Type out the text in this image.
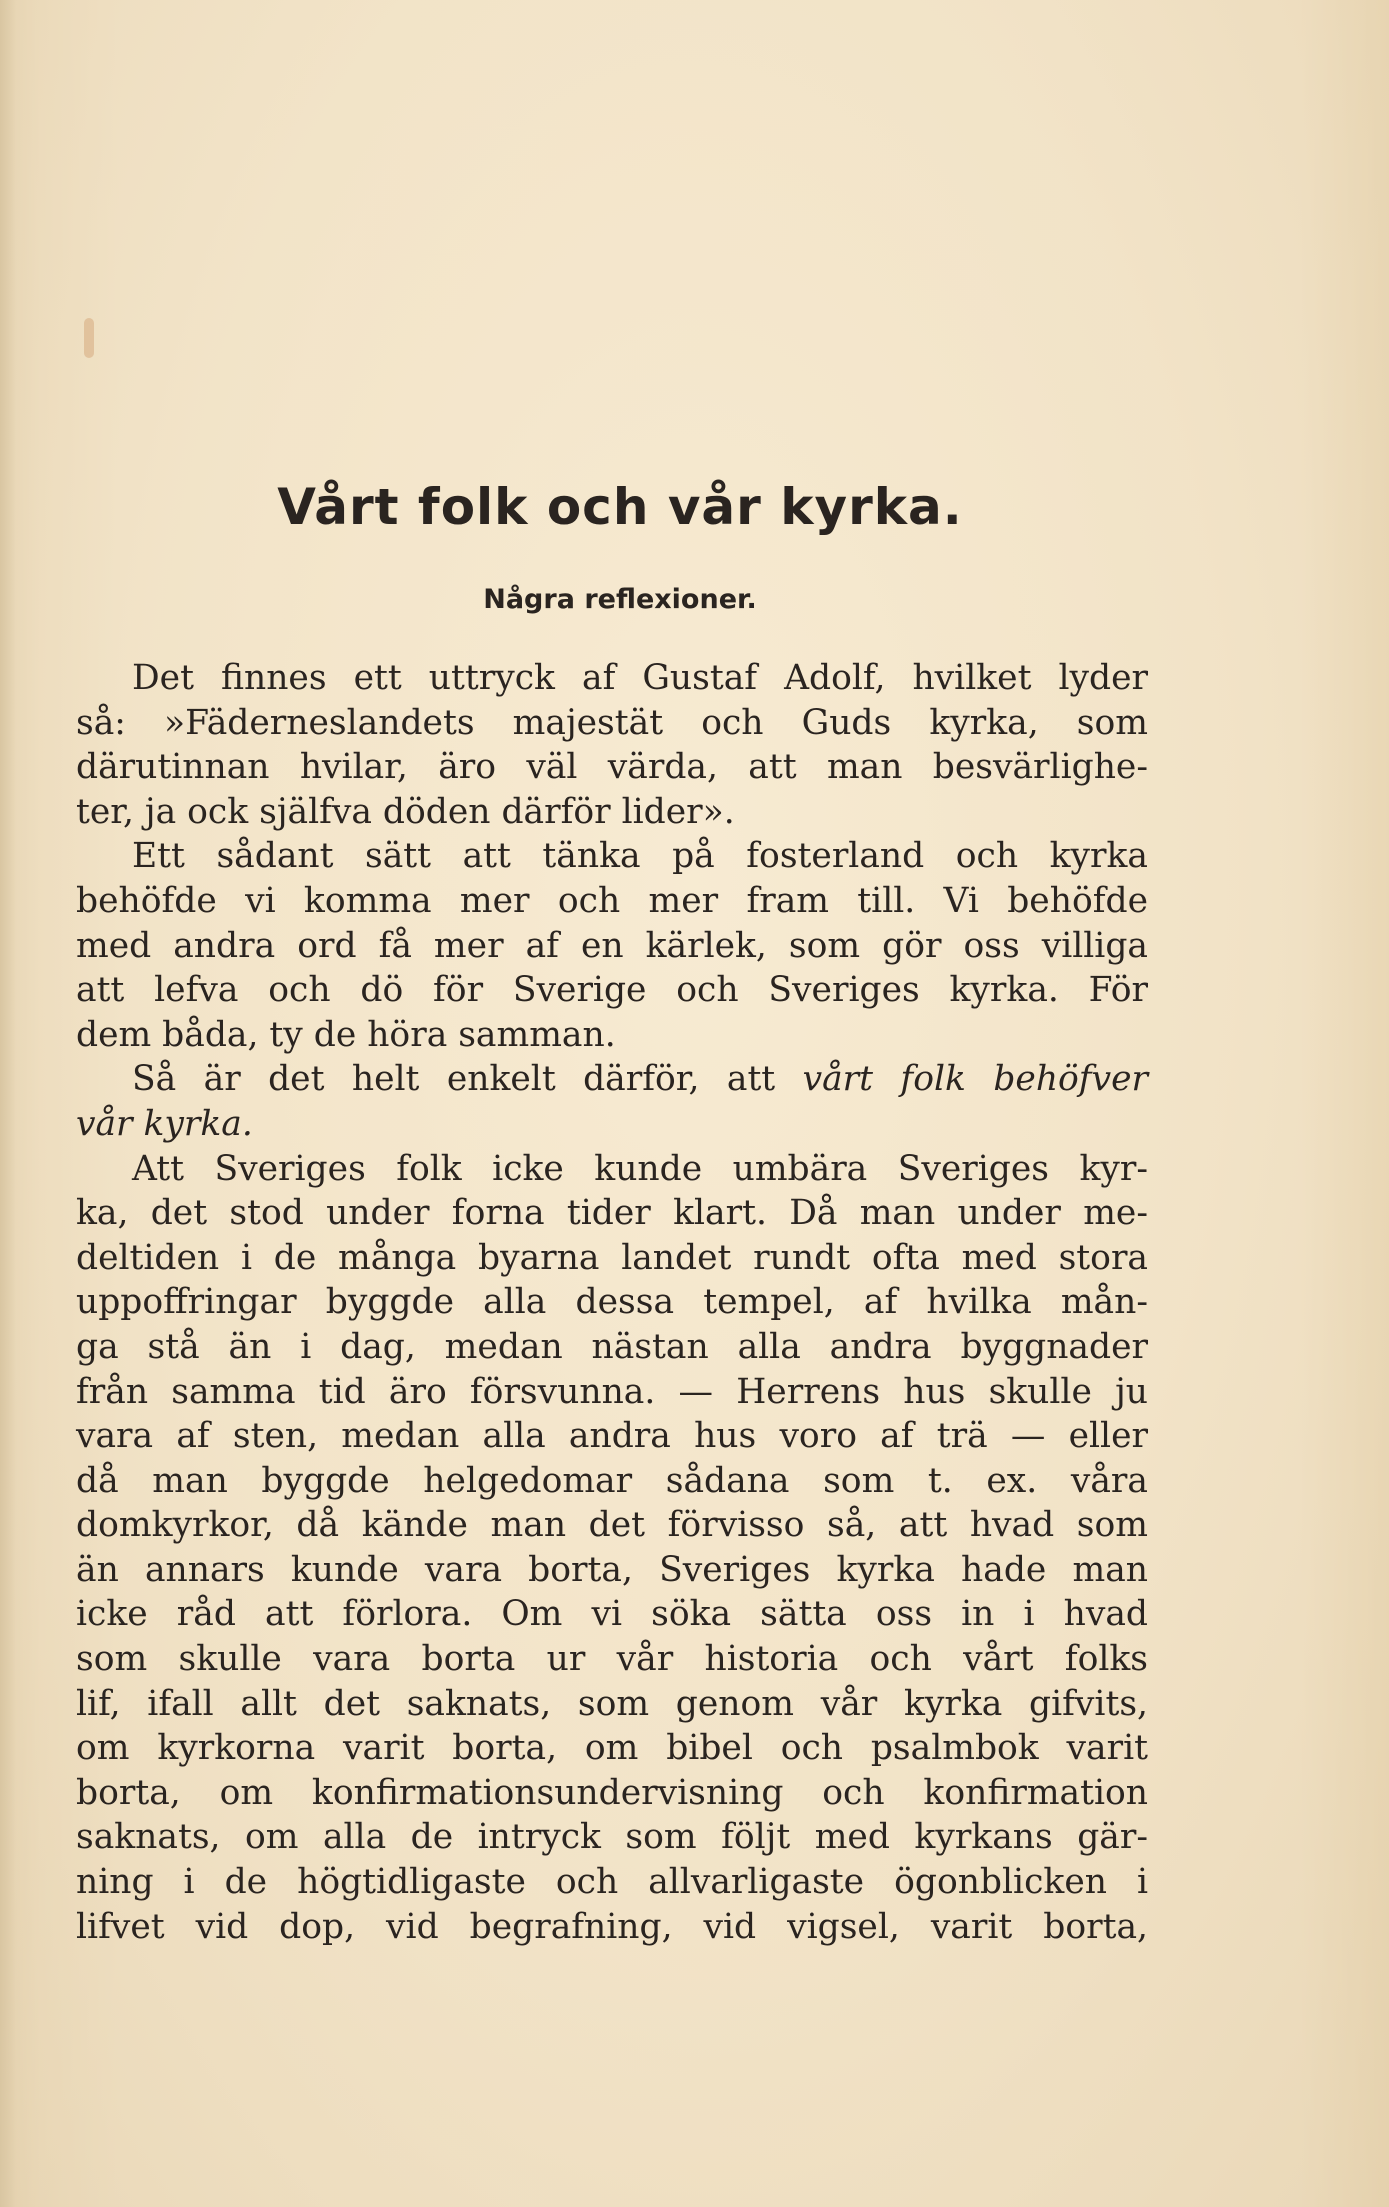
Vårt folk och vår kyrka.
Några reflexioner.
Det finnes ett uttryck af Gustaf Adolf, hvilket lyder
så: »Fäderneslandets majestät och Guds kyrka, som
därutinnan hvilar, äro väl värda, att man besvärlighe-
ter, ja ock själfva döden därför lider».
Ett sådant sätt att tänka på fosterland och kyrka
behöfde vi komma mer och mer fram till. Vi behöfde
med andra ord få mer af en kärlek, som gör oss villiga
att lefva och dö för Sverige och Sveriges kyrka. För
dem båda, ty de höra samman.
Så är det helt enkelt därför, att vårt folk behöfver
vår kyrka.
Att Sveriges folk icke kunde umbära Sveriges kyr-
ka, det stod under forna tider klart. Då man under me-
deltiden i de många byarna landet rundt ofta med stora
uppoffringar byggde alla dessa tempel, af hvilka mån-
ga stå än i dag, medan nästan alla andra byggnader
från samma tid äro försvunna. — Herrens hus skulle ju
vara af sten, medan alla andra hus voro af trä — eller
då man byggde helgedomar sådana som t. ex. våra
domkyrkor, då kände man det förvisso så, att hvad som
än annars kunde vara borta, Sveriges kyrka hade man
icke råd att förlora. Om vi söka sätta oss in i hvad
som skulle vara borta ur vår historia och vårt folks
lif, ifall allt det saknats, som genom vår kyrka gifvits,
om kyrkorna varit borta, om bibel och psalmbok varit
borta, om konfirmationsundervisning och konfirmation
saknats, om alla de intryck som följt med kyrkans gär-
ning i de högtidligaste och allvarligaste ögonblicken i
lifvet vid dop, vid begrafning, vid vigsel, varit borta,
